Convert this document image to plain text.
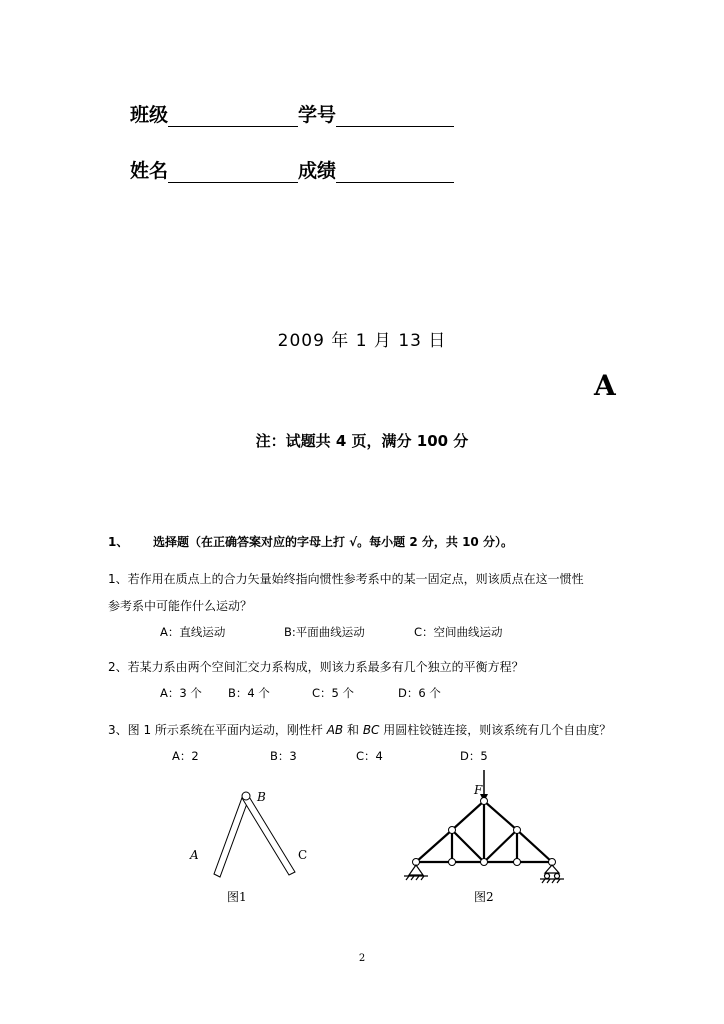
班级	学号
姓名	成绩
2009 年 1 月 13 日
A
注：试题共 4 页，满分 100 分
1、 选择题（在正确答案对应的字母上打 √。每小题 2 分，共 10 分）。
1、若作用在质点上的合力矢量始终指向惯性参考系中的某一固定点，则该质点在这一惯性
参考系中可能作什么运动？
A：直线运动	B:平面曲线运动	C：空间曲线运动
2、若某力系由两个空间汇交力系构成，则该力系最多有几个独立的平衡方程？
A：3 个 B：4 个	C：5 个	D：6 个
3、图 1 所示系统在平面内运动，刚性杆 AB 和 BC 用圆柱铰链连接，则该系统有几个自由度？
A：2	B：3	C：4	D：5
B
A	C
图1
F
图2
2
